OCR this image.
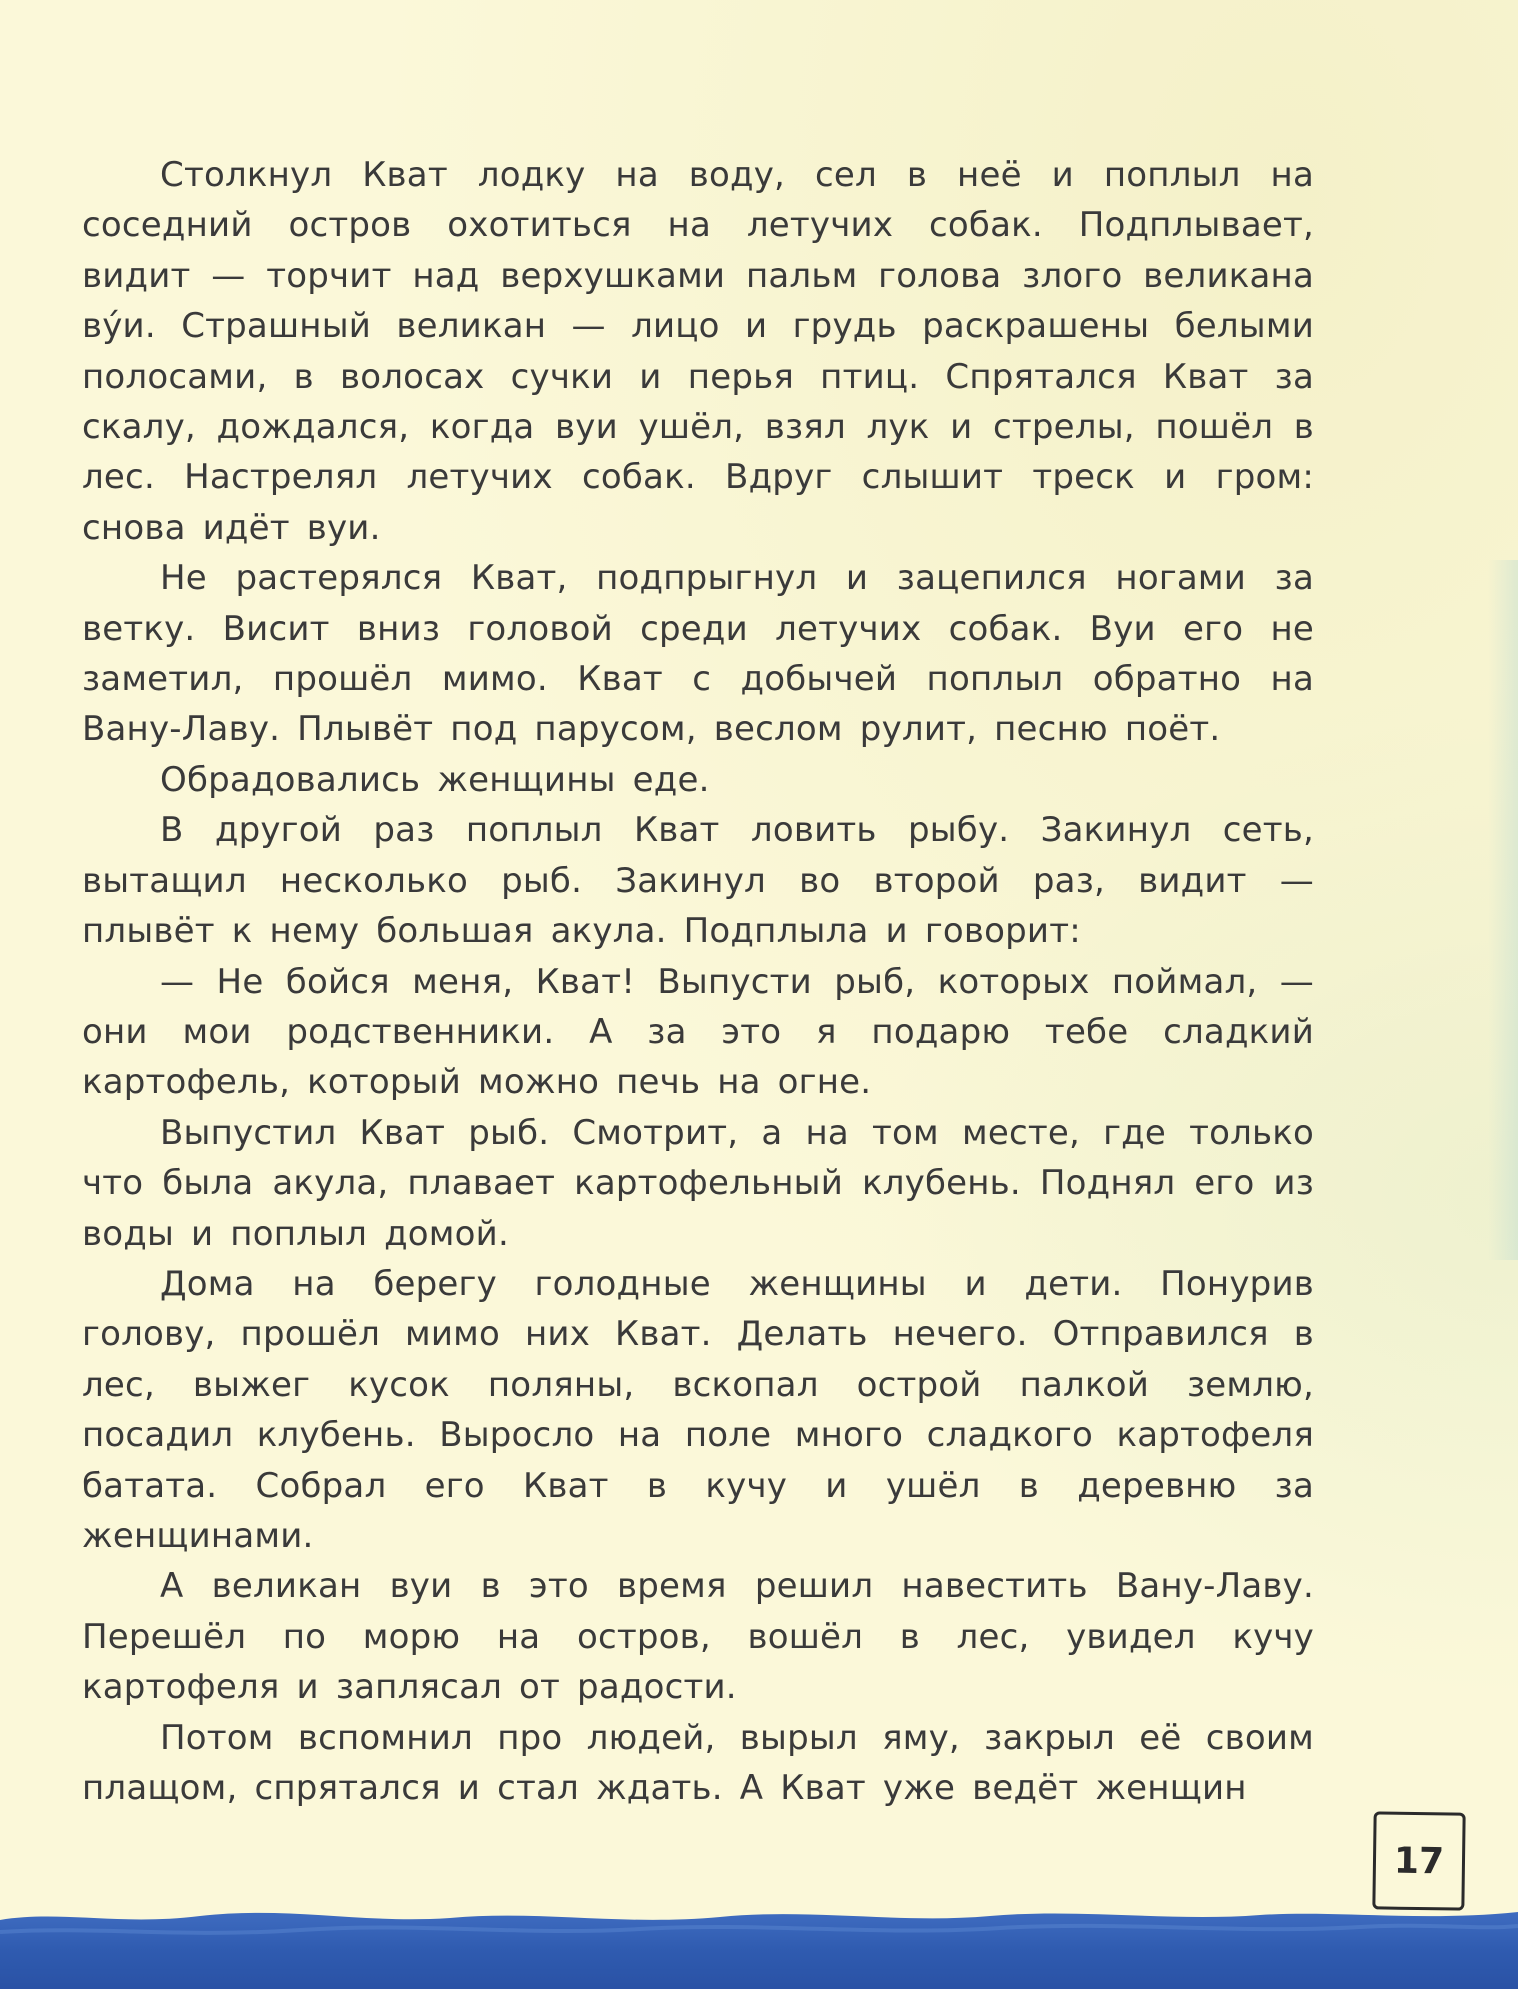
Столкнул Кват лодку на воду, сел в неё и поплыл на соседний остров охотиться на летучих собак. Подплывает, видит — торчит над верхушками пальм голова злого великана ву́и. Страшный великан — лицо и грудь раскрашены белыми полосами, в волосах сучки и перья птиц. Спрятался Кват за скалу, дождался, когда вуи ушёл, взял лук и стрелы, пошёл в лес. Настрелял летучих собак. Вдруг слышит треск и гром: снова идёт вуи.

Не растерялся Кват, подпрыгнул и зацепился ногами за ветку. Висит вниз головой среди летучих собак. Вуи его не заметил, прошёл мимо. Кват с добычей поплыл обратно на Вану-Лаву. Плывёт под парусом, веслом рулит, песню поёт.

Обрадовались женщины еде.

В другой раз поплыл Кват ловить рыбу. Закинул сеть, вытащил несколько рыб. Закинул во второй раз, видит — плывёт к нему большая акула. Подплыла и говорит:

— Не бойся меня, Кват! Выпусти рыб, которых поймал, — они мои родственники. А за это я подарю тебе сладкий картофель, который можно печь на огне.

Выпустил Кват рыб. Смотрит, а на том месте, где только что была акула, плавает картофельный клубень. Поднял его из воды и поплыл домой.

Дома на берегу голодные женщины и дети. Понурив голову, прошёл мимо них Кват. Делать нечего. Отправился в лес, выжег кусок поляны, вскопал острой палкой землю, посадил клубень. Выросло на поле много сладкого картофеля батата. Собрал его Кват в кучу и ушёл в деревню за женщинами.

А великан вуи в это время решил навестить Вану-Лаву. Перешёл по морю на остров, вошёл в лес, увидел кучу картофеля и заплясал от радости.

Потом вспомнил про людей, вырыл яму, закрыл её своим плащом, спрятался и стал ждать. А Кват уже ведёт женщин

17
